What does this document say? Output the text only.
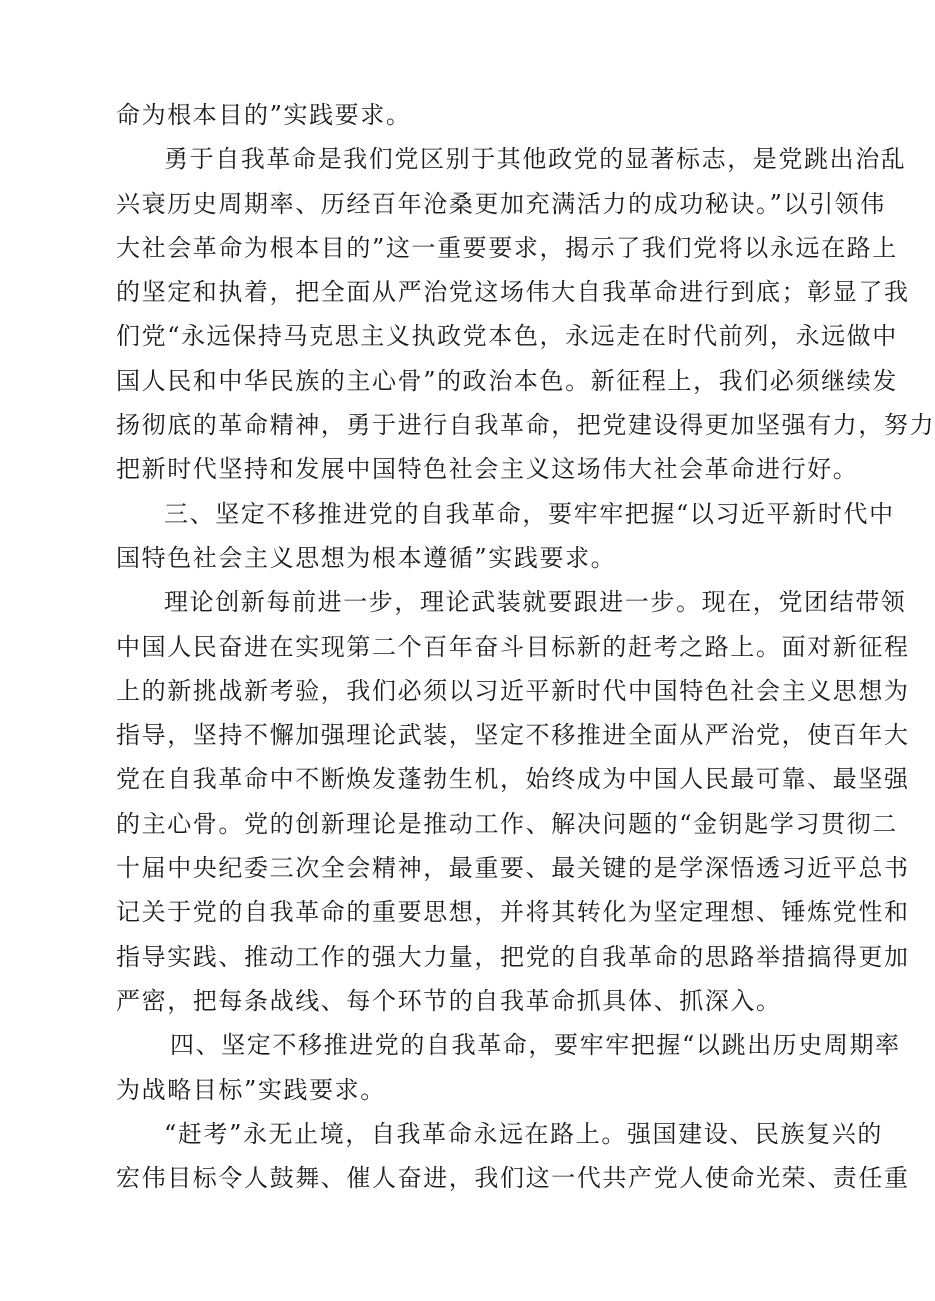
命为根本目的”实践要求。
勇于自我革命是我们党区别于其他政党的显著标志，是党跳出治乱
兴衰历史周期率、历经百年沧桑更加充满活力的成功秘诀。”以引领伟
大社会革命为根本目的”这一重要要求，揭示了我们党将以永远在路上
的坚定和执着，把全面从严治党这场伟大自我革命进行到底；彰显了我
们党“永远保持马克思主义执政党本色，永远走在时代前列，永远做中
国人民和中华民族的主心骨”的政治本色。新征程上，我们必须继续发
扬彻底的革命精神，勇于进行自我革命，把党建设得更加坚强有力，努力
把新时代坚持和发展中国特色社会主义这场伟大社会革命进行好。
三、坚定不移推进党的自我革命，要牢牢把握“以习近平新时代中
国特色社会主义思想为根本遵循”实践要求。
理论创新每前进一步，理论武装就要跟进一步。现在，党团结带领
中国人民奋进在实现第二个百年奋斗目标新的赶考之路上。面对新征程
上的新挑战新考验，我们必须以习近平新时代中国特色社会主义思想为
指导，坚持不懈加强理论武装，坚定不移推进全面从严治党，使百年大
党在自我革命中不断焕发蓬勃生机，始终成为中国人民最可靠、最坚强
的主心骨。党的创新理论是推动工作、解决问题的“金钥匙学习贯彻二
十届中央纪委三次全会精神，最重要、最关键的是学深悟透习近平总书
记关于党的自我革命的重要思想，并将其转化为坚定理想、锤炼党性和
指导实践、推动工作的强大力量，把党的自我革命的思路举措搞得更加
严密，把每条战线、每个环节的自我革命抓具体、抓深入。
四、坚定不移推进党的自我革命，要牢牢把握“以跳出历史周期率
为战略目标”实践要求。
“赶考”永无止境，自我革命永远在路上。强国建设、民族复兴的
宏伟目标令人鼓舞、催人奋进，我们这一代共产党人使命光荣、责任重
